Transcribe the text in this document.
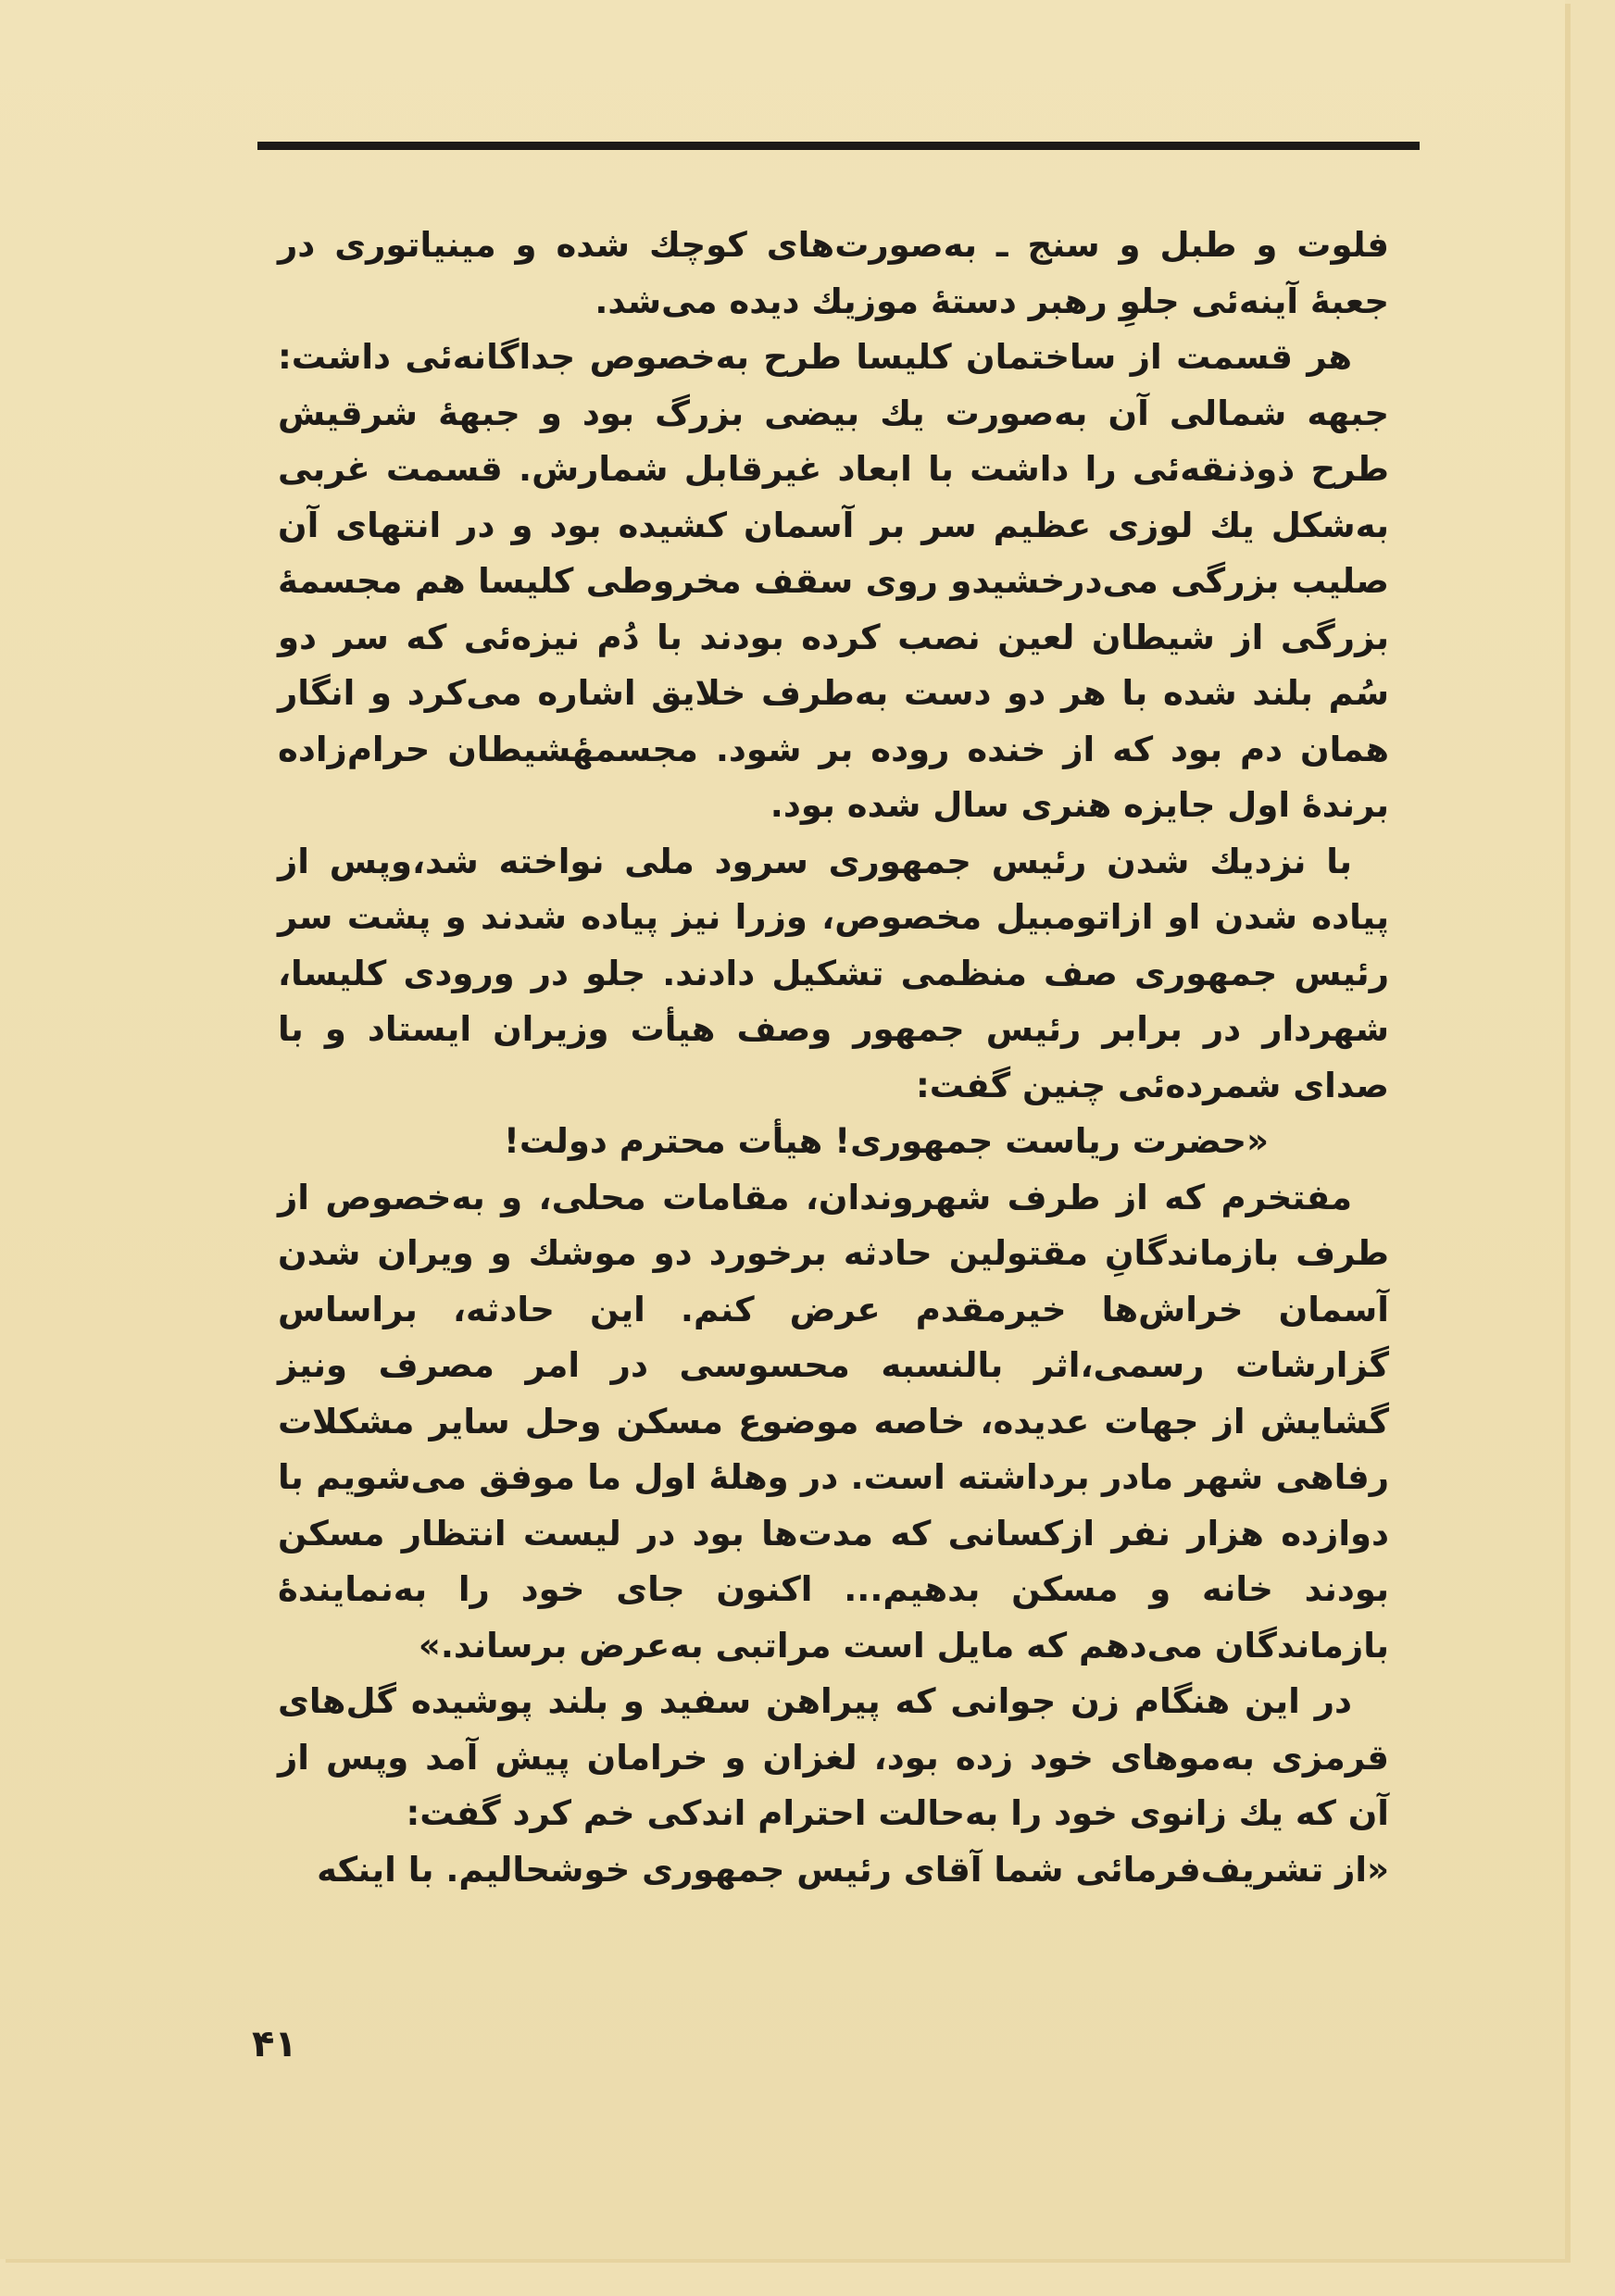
فلوت و طبل و سنج ـ به‌صورت‌های کوچك شده و مینیاتوری در جعبهٔ آینه‌ئی جلوِ رهبر دستهٔ موزیك دیده می‌شد.

هر قسمت از ساختمان کلیسا طرح به‌خصوص جداگانه‌ئی داشت: جبهه شمالی آن به‌صورت یك بیضی بزرگ بود و جبههٔ شرقیش طرح ذوذنقه‌ئی را داشت با ابعاد غیرقابل شمارش. قسمت غربی به‌شکل یك لوزی عظیم سر بر آسمان کشیده بود و در انتهای آن صلیب بزرگی می‌درخشیدو روی سقف مخروطی کلیسا هم مجسمهٔ بزرگی از شیطان لعین نصب کرده بودند با دُم نیزه‌ئی که سر دو سُم بلند شده با هر دو دست به‌طرف خلایق اشاره می‌کرد و انگار همان دم بود که از خنده روده بر شود. مجسمهٔشیطان حرام‌زاده برندهٔ اول جایزه هنری سال شده بود.

با نزدیك شدن رئیس جمهوری سرود ملی نواخته شد،وپس از پیاده شدن او ازاتومبیل مخصوص، وزرا نیز پیاده شدند و پشت سر رئیس جمهوری صف منظمی تشکیل دادند. جلو در ورودی کلیسا، شهردار در برابر رئیس جمهور وصف هیأت وزیران ایستاد و با صدای شمرده‌ئی چنین گفت:

«حضرت ریاست جمهوری! هیأت محترم دولت!

مفتخرم که از طرف شهروندان، مقامات محلی، و به‌خصوص از طرف بازماندگانِ مقتولین حادثه برخورد دو موشك و ویران شدن آسمان خراش‌ها خیرمقدم عرض کنم. این حادثه، براساس گزارشات رسمی،اثر بالنسبه محسوسی در امر مصرف ونیز گشایش از جهات عدیده، خاصه موضوع مسکن وحل سایر مشکلات رفاهی شهر مادر برداشته است. در وهلهٔ اول ما موفق می‌شویم با دوازده هزار نفر ازکسانی که مدت‌ها بود در لیست انتظار مسکن بودند خانه و مسکن بدهیم... اکنون جای خود را به‌نمایندهٔ بازماندگان می‌دهم که مایل است مراتبی به‌عرض برساند.»

در این هنگام زن جوانی که پیراهن سفید و بلند پوشیده گل‌های قرمزی به‌موهای خود زده بود، لغزان و خرامان پیش آمد وپس از آن که یك زانوی خود را به‌حالت احترام اندکی خم کرد گفت:

«از تشریف‌فرمائی شما آقای رئیس جمهوری خوشحالیم. با اینکه

۴۱
